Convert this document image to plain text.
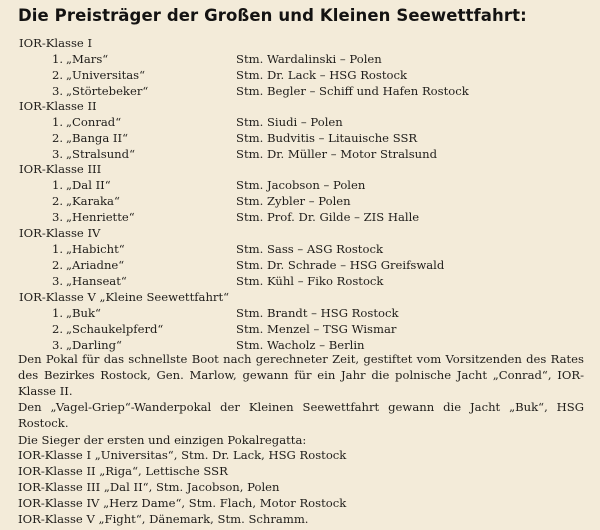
Die Preisträger der Großen und Kleinen Seewettfahrt:
IOR-Klasse I
1. „Mars“	Stm. Wardalinski – Polen
2. „Universitas“	Stm. Dr. Lack – HSG Rostock
3. „Störtebeker“	Stm. Begler – Schiff und Hafen Rostock
IOR-Klasse II
1. „Conrad“	Stm. Siudi – Polen
2. „Banga II“	Stm. Budvitis – Litauische SSR
3. „Stralsund“	Stm. Dr. Müller – Motor Stralsund
IOR-Klasse III
1. „Dal II“	Stm. Jacobson – Polen
2. „Karaka“	Stm. Zybler – Polen
3. „Henriette“	Stm. Prof. Dr. Gilde – ZIS Halle
IOR-Klasse IV
1. „Habicht“	Stm. Sass – ASG Rostock
2. „Ariadne“	Stm. Dr. Schrade – HSG Greifswald
3. „Hanseat“	Stm. Kühl – Fiko Rostock
IOR-Klasse V „Kleine Seewettfahrt“
1. „Buk“	Stm. Brandt – HSG Rostock
2. „Schaukelpferd“	Stm. Menzel – TSG Wismar
3. „Darling“	Stm. Wacholz – Berlin
Den Pokal für das schnellste Boot nach gerechneter Zeit, gestiftet vom Vorsitzenden des Rates des Bezirkes Rostock, Gen. Marlow, gewann für ein Jahr die polnische Jacht „Conrad“, IOR-Klasse II.
Den „Vagel-Griep“-Wanderpokal der Kleinen Seewettfahrt gewann die Jacht „Buk“, HSG Rostock.
Die Sieger der ersten und einzigen Pokalregatta:
IOR-Klasse I „Universitas“, Stm. Dr. Lack, HSG Rostock
IOR-Klasse II „Riga“, Lettische SSR
IOR-Klasse III „Dal II“, Stm. Jacobson, Polen
IOR-Klasse IV „Herz Dame“, Stm. Flach, Motor Rostock
IOR-Klasse V „Fight“, Dänemark, Stm. Schramm.
